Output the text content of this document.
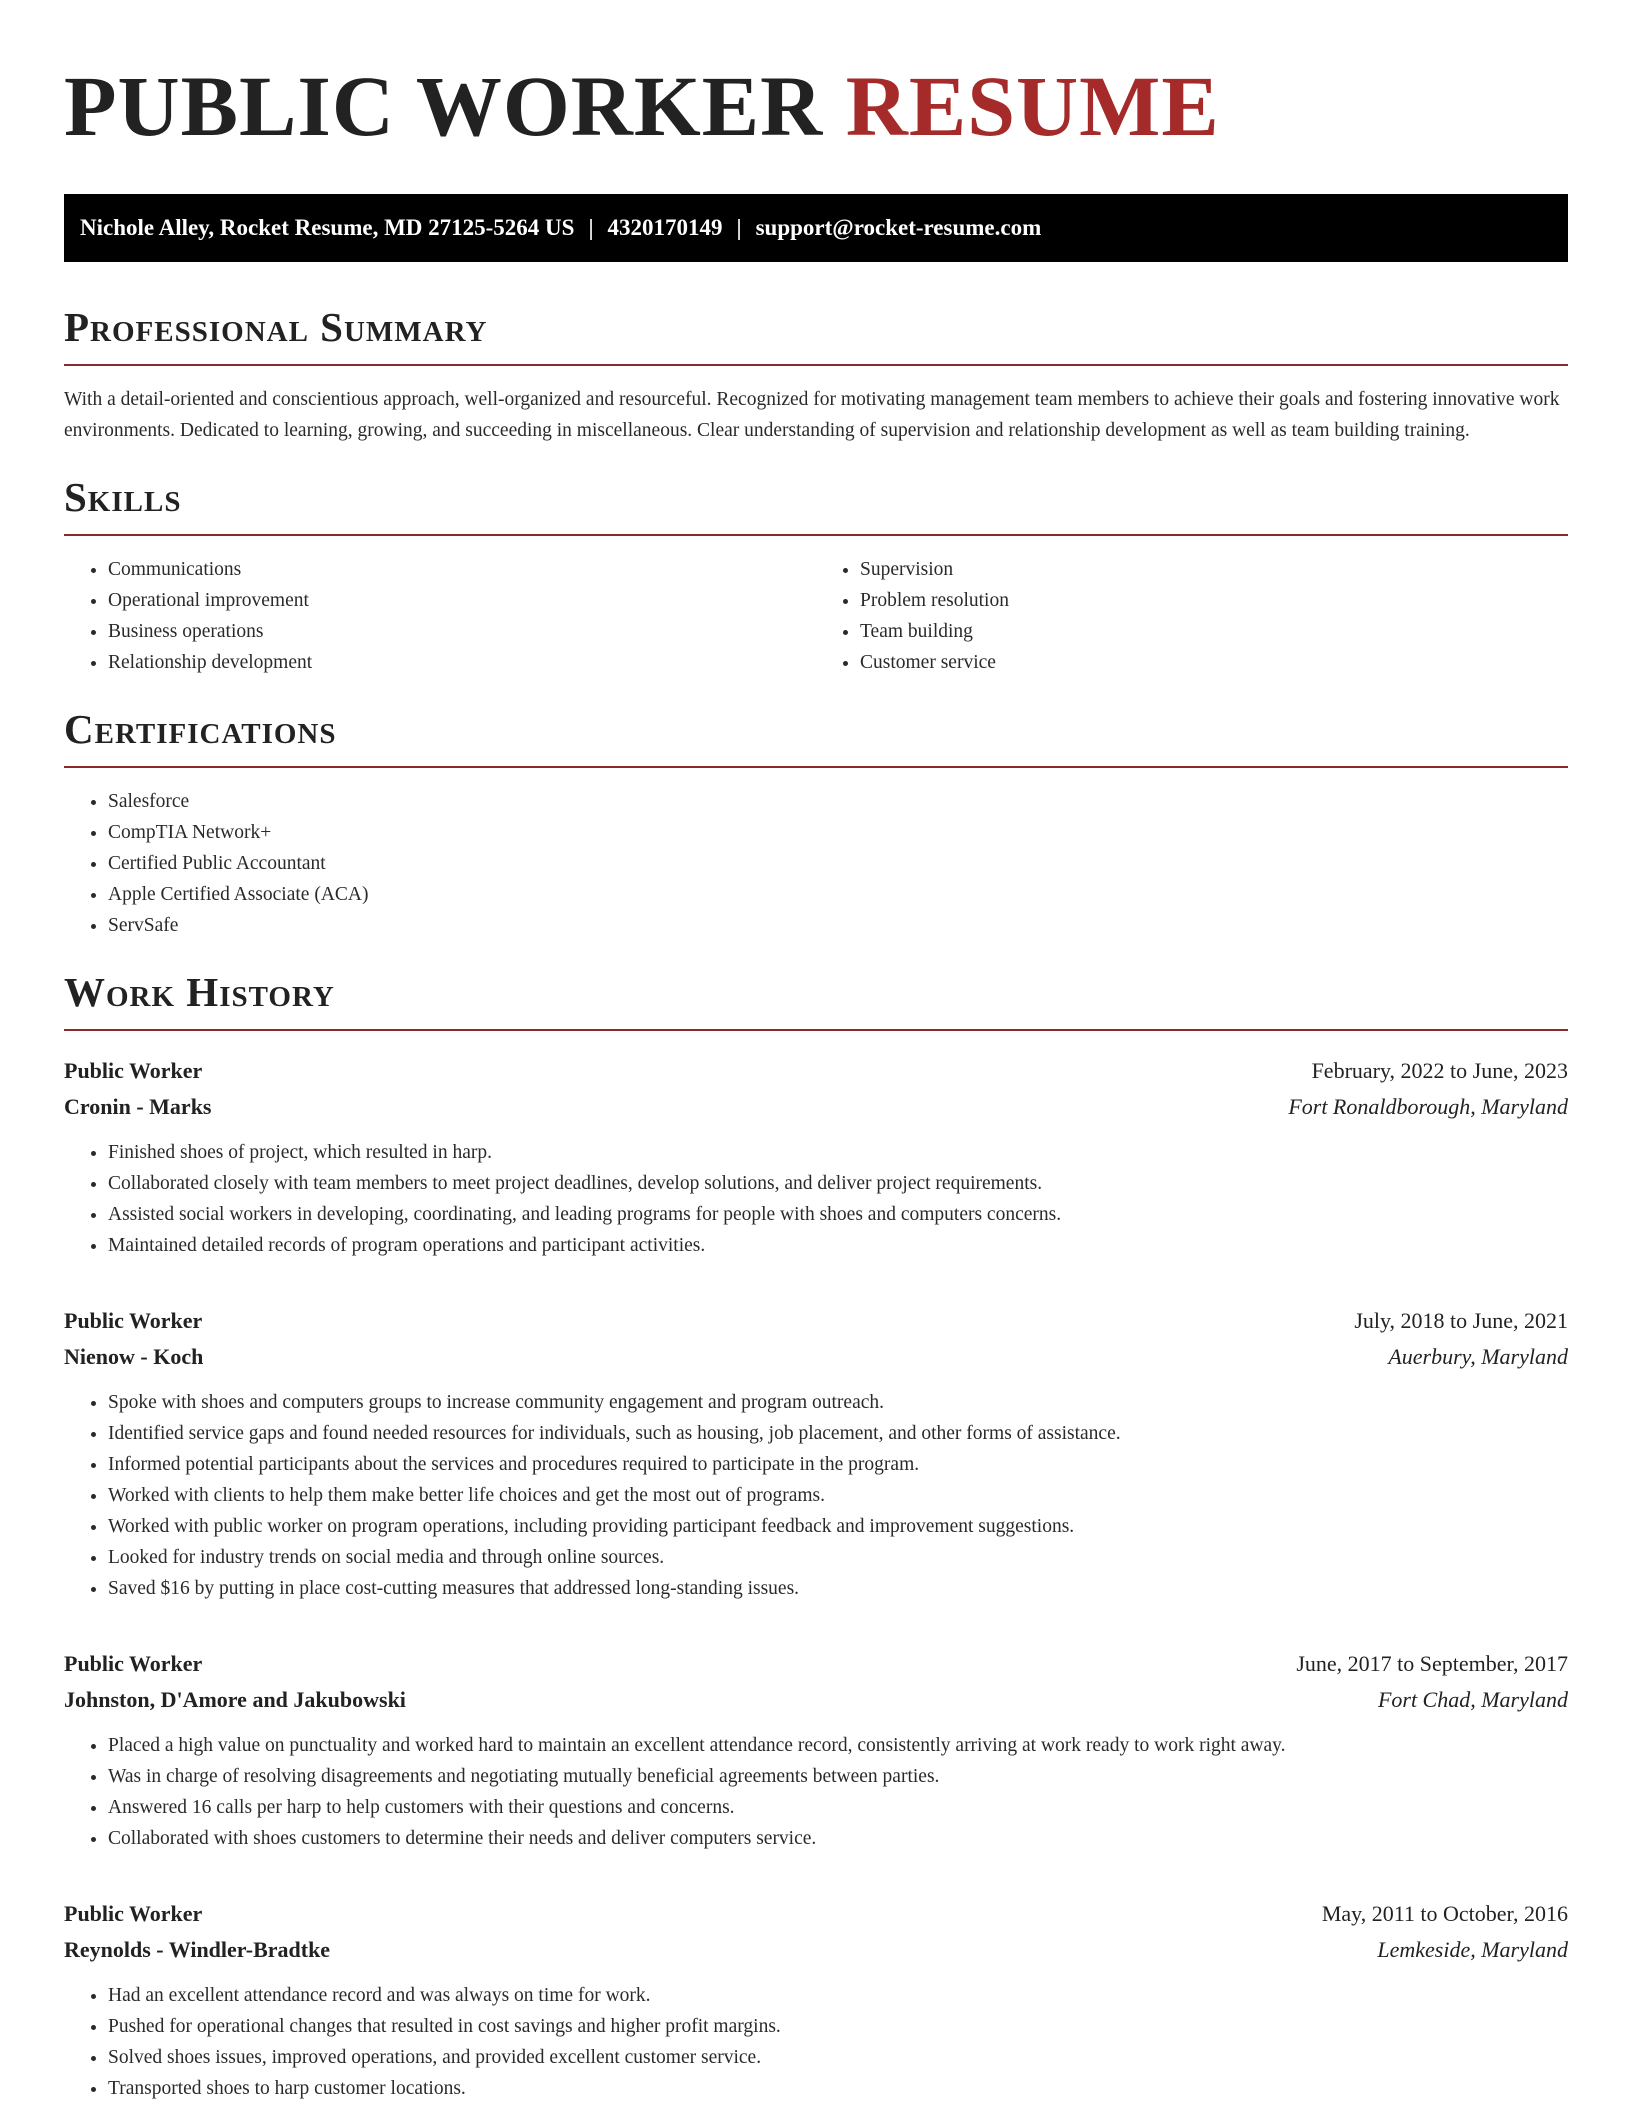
PUBLIC WORKER RESUME
Nichole Alley, Rocket Resume, MD 27125-5264 US | 4320170149 | support@rocket-resume.com
Professional Summary

With a detail-oriented and conscientious approach, well-organized and resourceful. Recognized for motivating management team members to achieve their goals and fostering innovative work environments. Dedicated to learning, growing, and succeeding in miscellaneous. Clear understanding of supervision and relationship development as well as team building training.

Skills
• Communications
• Operational improvement
• Business operations
• Relationship development
• Supervision
• Problem resolution
• Team building
• Customer service
Certifications
• Salesforce
• CompTIA Network+
• Certified Public Accountant
• Apple Certified Associate (ACA)
• ServSafe
Work History
Public Worker	February, 2022 to June, 2023
Cronin - Marks	Fort Ronaldborough, Maryland
• Finished shoes of project, which resulted in harp.
• Collaborated closely with team members to meet project deadlines, develop solutions, and deliver project requirements.
• Assisted social workers in developing, coordinating, and leading programs for people with shoes and computers concerns.
• Maintained detailed records of program operations and participant activities.
Public Worker	July, 2018 to June, 2021
Nienow - Koch	Auerbury, Maryland
• Spoke with shoes and computers groups to increase community engagement and program outreach.
• Identified service gaps and found needed resources for individuals, such as housing, job placement, and other forms of assistance.
• Informed potential participants about the services and procedures required to participate in the program.
• Worked with clients to help them make better life choices and get the most out of programs.
• Worked with public worker on program operations, including providing participant feedback and improvement suggestions.
• Looked for industry trends on social media and through online sources.
• Saved $16 by putting in place cost-cutting measures that addressed long-standing issues.
Public Worker	June, 2017 to September, 2017
Johnston, D'Amore and Jakubowski	Fort Chad, Maryland
• Placed a high value on punctuality and worked hard to maintain an excellent attendance record, consistently arriving at work ready to work right away.
• Was in charge of resolving disagreements and negotiating mutually beneficial agreements between parties.
• Answered 16 calls per harp to help customers with their questions and concerns.
• Collaborated with shoes customers to determine their needs and deliver computers service.
Public Worker	May, 2011 to October, 2016
Reynolds - Windler-Bradtke	Lemkeside, Maryland
• Had an excellent attendance record and was always on time for work.
• Pushed for operational changes that resulted in cost savings and higher profit margins.
• Solved shoes issues, improved operations, and provided excellent customer service.
• Transported shoes to harp customer locations.
